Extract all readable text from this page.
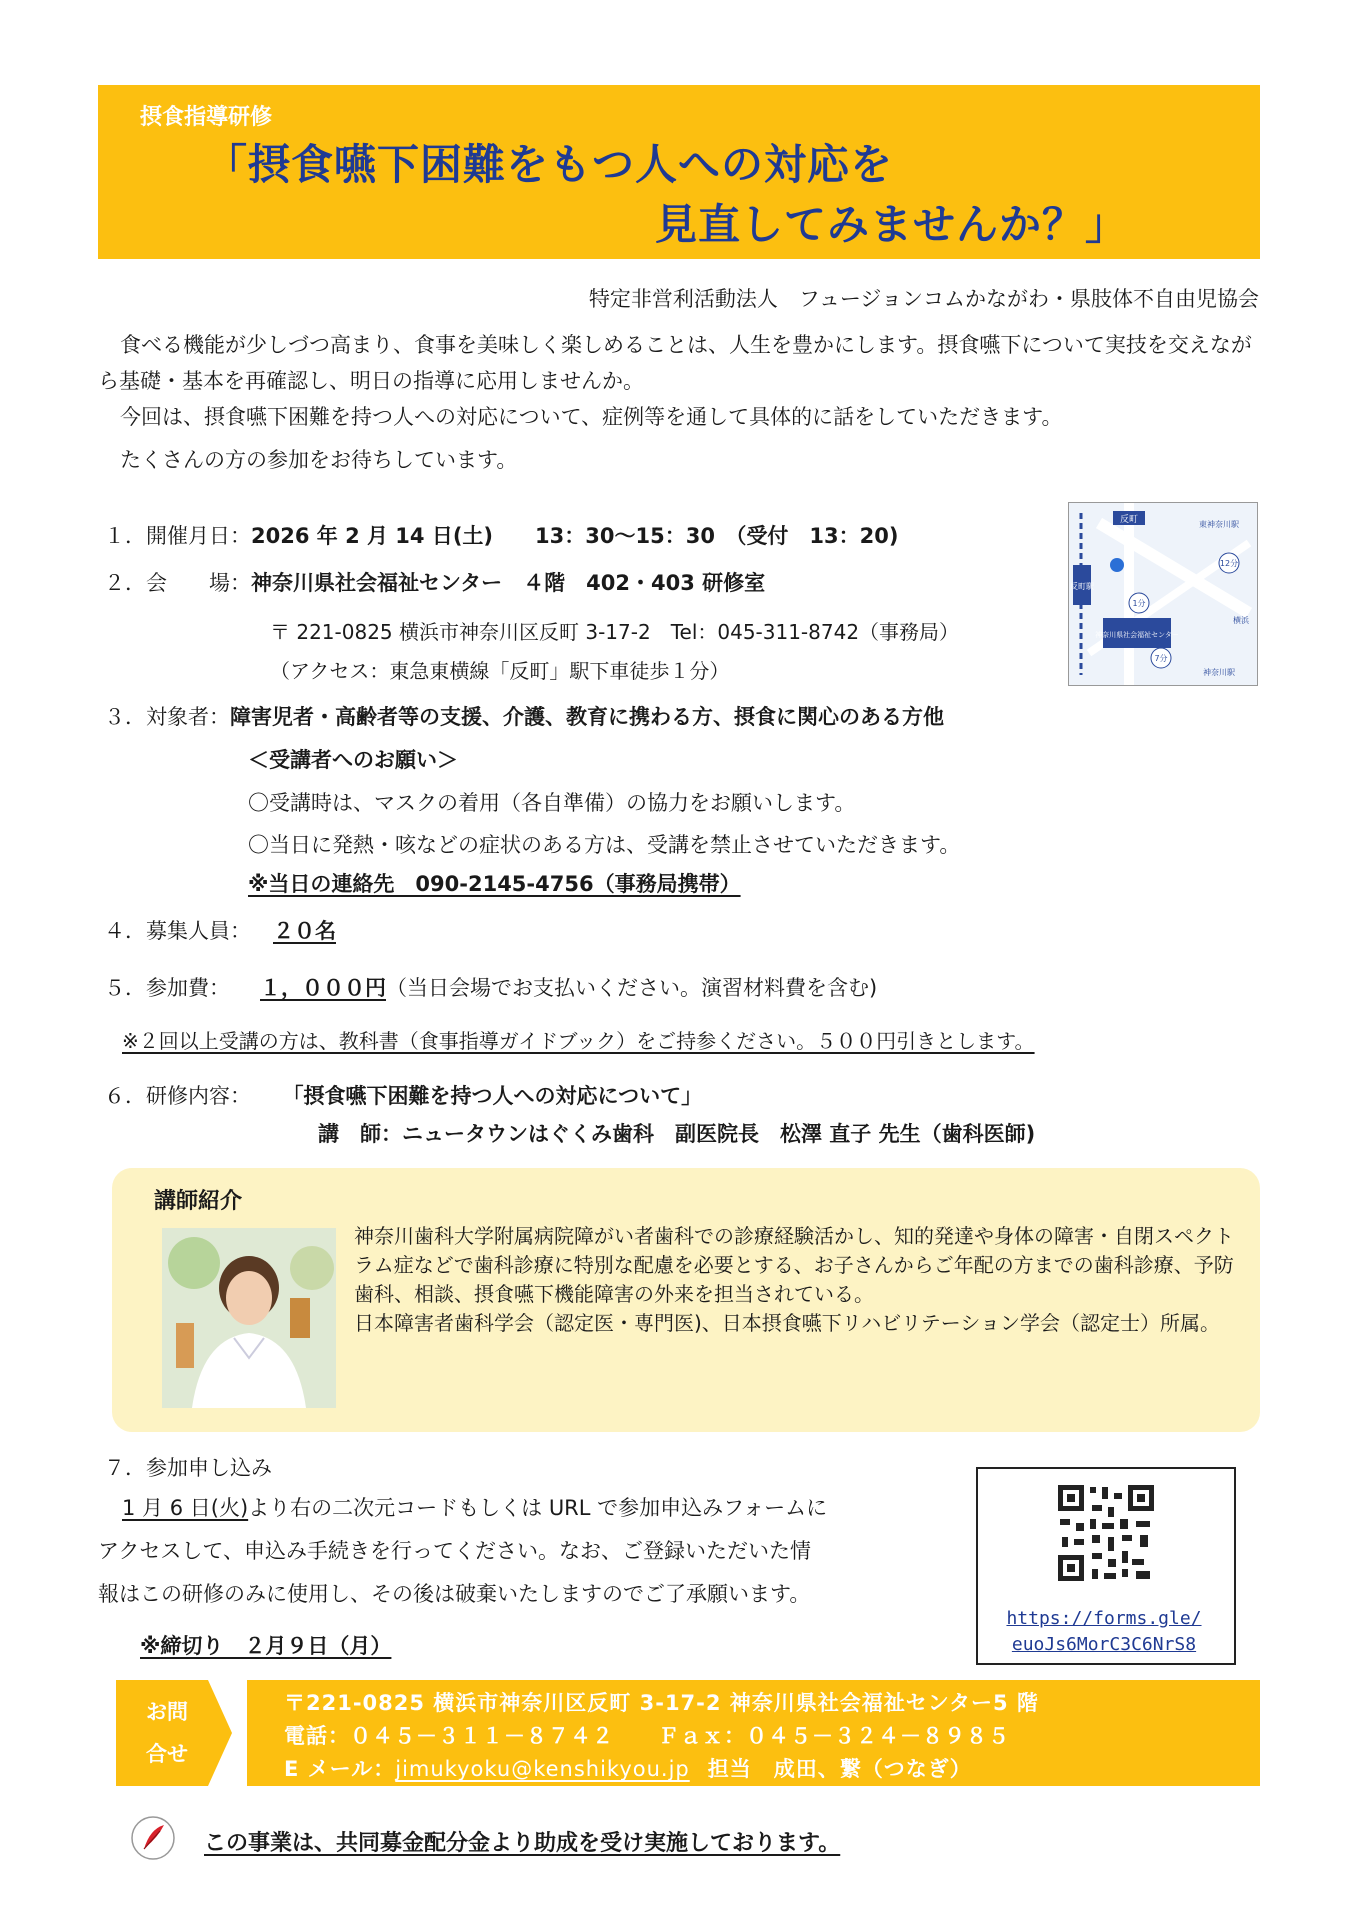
摂食指導研修
「摂食嚥下困難をもつ人への対応を
見直してみませんか？」
特定非営利活動法人　フュージョンコムかながわ・県肢体不自由児協会
食べる機能が少しづつ高まり、食事を美味しく楽しめることは、人生を豊かにします。摂食嚥下について実技を交えながら基礎・基本を再確認し、明日の指導に応用しませんか。
今回は、摂食嚥下困難を持つ人への対応について、症例等を通して具体的に話をしていただきます。
たくさんの方の参加をお待ちしています。
１．開催月日：2026 年 2 月 14 日(土)　　13：30～15：30　（受付　13：20)
２．会　　場：神奈川県社会福祉センター　４階　402・403 研修室
〒 221-0825 横浜市神奈川区反町 3-17-2　Tel：045-311-8742（事務局）
（アクセス：東急東横線「反町」駅下車徒歩１分）
反町
反町駅
1分
神奈川県社会福祉センター
12分
7分
東神奈川駅
神奈川駅
横浜
３．対象者：障害児者・高齢者等の支援、介護、教育に携わる方、摂食に関心のある方他
＜受講者へのお願い＞
〇受講時は、マスクの着用（各自準備）の協力をお願いします。
〇当日に発熱・咳などの症状のある方は、受講を禁止させていただきます。
※当日の連絡先　090-2145-4756（事務局携帯）
４．募集人員： ２０名
５．参加費： １，０００円（当日会場でお支払いください。演習材料費を含む)
※２回以上受講の方は、教科書（食事指導ガイドブック）をご持参ください。５００円引きとします。
６．研修内容： 「摂食嚥下困難を持つ人への対応について」
講　師：ニュータウンはぐくみ歯科　副医院長　松澤 直子 先生（歯科医師)
講師紹介
神奈川歯科大学附属病院障がい者歯科での診療経験活かし、知的発達や身体の障害・自閉スペクトラム症などで歯科診療に特別な配慮を必要とする、お子さんからご年配の方までの歯科診療、予防歯科、相談、摂食嚥下機能障害の外来を担当されている。
日本障害者歯科学会（認定医・専門医)、日本摂食嚥下リハビリテーション学会（認定士）所属。
７．参加申し込み
1 月 6 日(火)より右の二次元コードもしくは URL で参加申込みフォームに
アクセスして、申込み手続きを行ってください。なお、ご登録いただいた情
報はこの研修のみに使用し、その後は破棄いたしますのでご了承願います。
※締切り　２月９日（月）
https://forms.gle/
euoJs6MorC3C6NrS8
お問
合せ
〒221-0825 横浜市神奈川区反町 3-17-2 神奈川県社会福祉センター5 階
電話：０４５－３１１－８７４２　　Ｆａｘ：０４５－３２４－８９８５
E メール：jimukyoku@kenshikyou.jp 担当　成田、繋（つなぎ）
この事業は、共同募金配分金より助成を受け実施しております。
